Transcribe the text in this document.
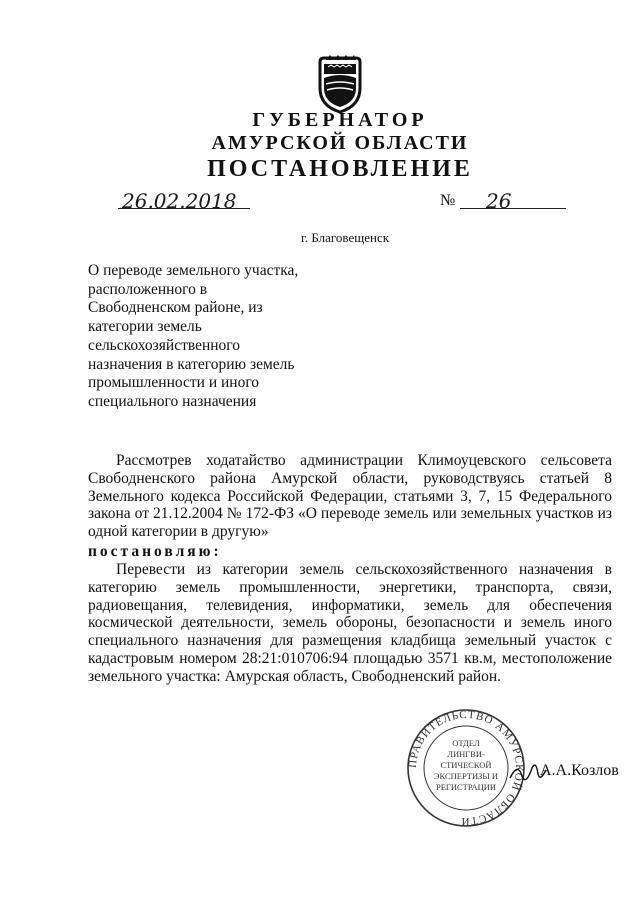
ГУБЕРНАТОР
АМУРСКОЙ ОБЛАСТИ
ПОСТАНОВЛЕНИЕ
26.02.2018	№ 26
г. Благовещенск
О переводе земельного участка,
расположенного в
Свободненском районе, из
категории земель
сельскохозяйственного
назначения в категорию земель
промышленности и иного
специального назначения
Рассмотрев ходатайство администрации Климоуцевского сельсовета
Свободненского района Амурской области, руководствуясь статьей 8
Земельного кодекса Российской Федерации, статьями 3, 7, 15 Федерального
закона от 21.12.2004 № 172-ФЗ «О переводе земель или земельных участков из
одной категории в другую»
постановляю:
Перевести из категории земель сельскохозяйственного назначения в
категорию земель промышленности, энергетики, транспорта, связи,
радиовещания, телевидения, информатики, земель для обеспечения
космической деятельности, земель обороны, безопасности и земель иного
специального назначения для размещения кладбища земельный участок с
кадастровым номером 28:21:010706:94 площадью 3571 кв.м, местоположение
земельного участка: Амурская область, Свободненский район.
ПРАВИТЕЛЬСТВО АМУРСКОЙ ОБЛАСТИ
ОТДЕЛ
ЛИНГВИ-
СТИЧЕСКОЙ
ЭКСПЕРТИЗЫ И
РЕГИСТРАЦИИ
А.А.Козлов
